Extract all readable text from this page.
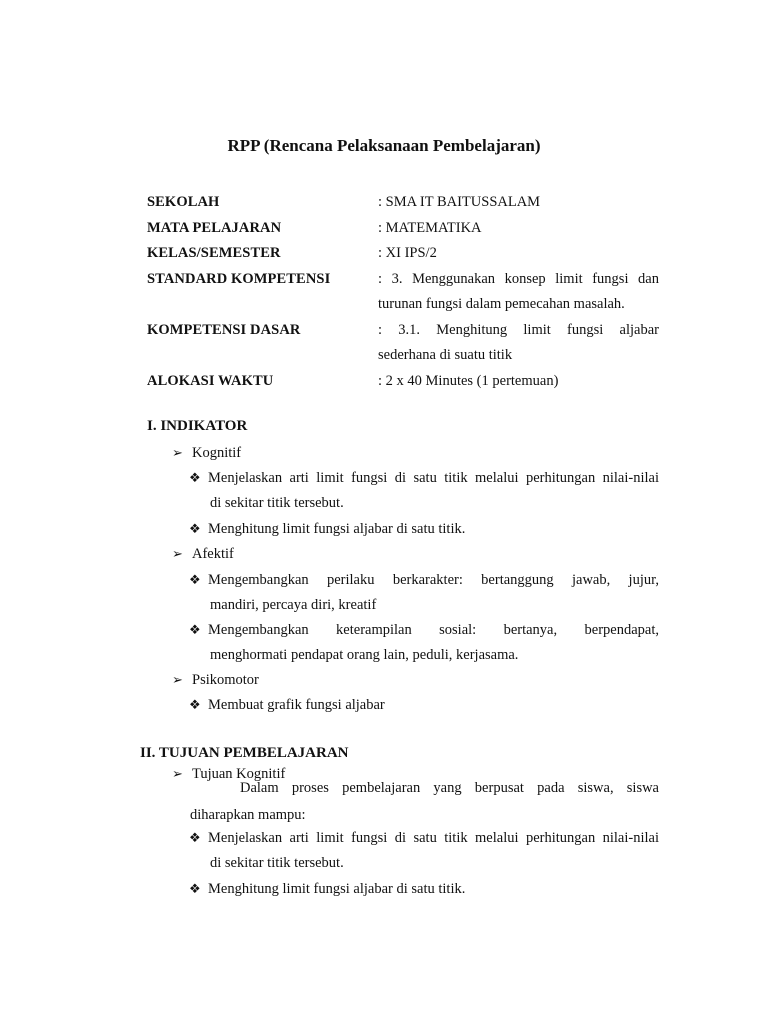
RPP (Rencana Pelaksanaan Pembelajaran)
SEKOLAH	: SMA IT BAITUSSALAM
MATA PELAJARAN	: MATEMATIKA
KELAS/SEMESTER	: XI IPS/2
STANDARD KOMPETENSI	: 3. Menggunakan konsep limit fungsi dan
turunan fungsi dalam pemecahan masalah.
KOMPETENSI DASAR	: 3.1. Menghitung limit fungsi aljabar
sederhana di suatu titik
ALOKASI WAKTU	: 2 x 40 Minutes (1 pertemuan)
I. INDIKATOR
➢ Kognitif
❖ Menjelaskan arti limit fungsi di satu titik melalui perhitungan nilai-nilai
di sekitar titik tersebut.
❖ Menghitung limit fungsi aljabar di satu titik.
➢ Afektif
❖ Mengembangkan perilaku berkarakter: bertanggung jawab, jujur,
mandiri, percaya diri, kreatif
❖ Mengembangkan keterampilan sosial: bertanya, berpendapat,
menghormati pendapat orang lain, peduli, kerjasama.
➢ Psikomotor
❖ Membuat grafik fungsi aljabar
II. TUJUAN PEMBELAJARAN
➢ Tujuan Kognitif
Dalam proses pembelajaran yang berpusat pada siswa, siswa
diharapkan mampu:
❖ Menjelaskan arti limit fungsi di satu titik melalui perhitungan nilai-nilai
di sekitar titik tersebut.
❖ Menghitung limit fungsi aljabar di satu titik.
